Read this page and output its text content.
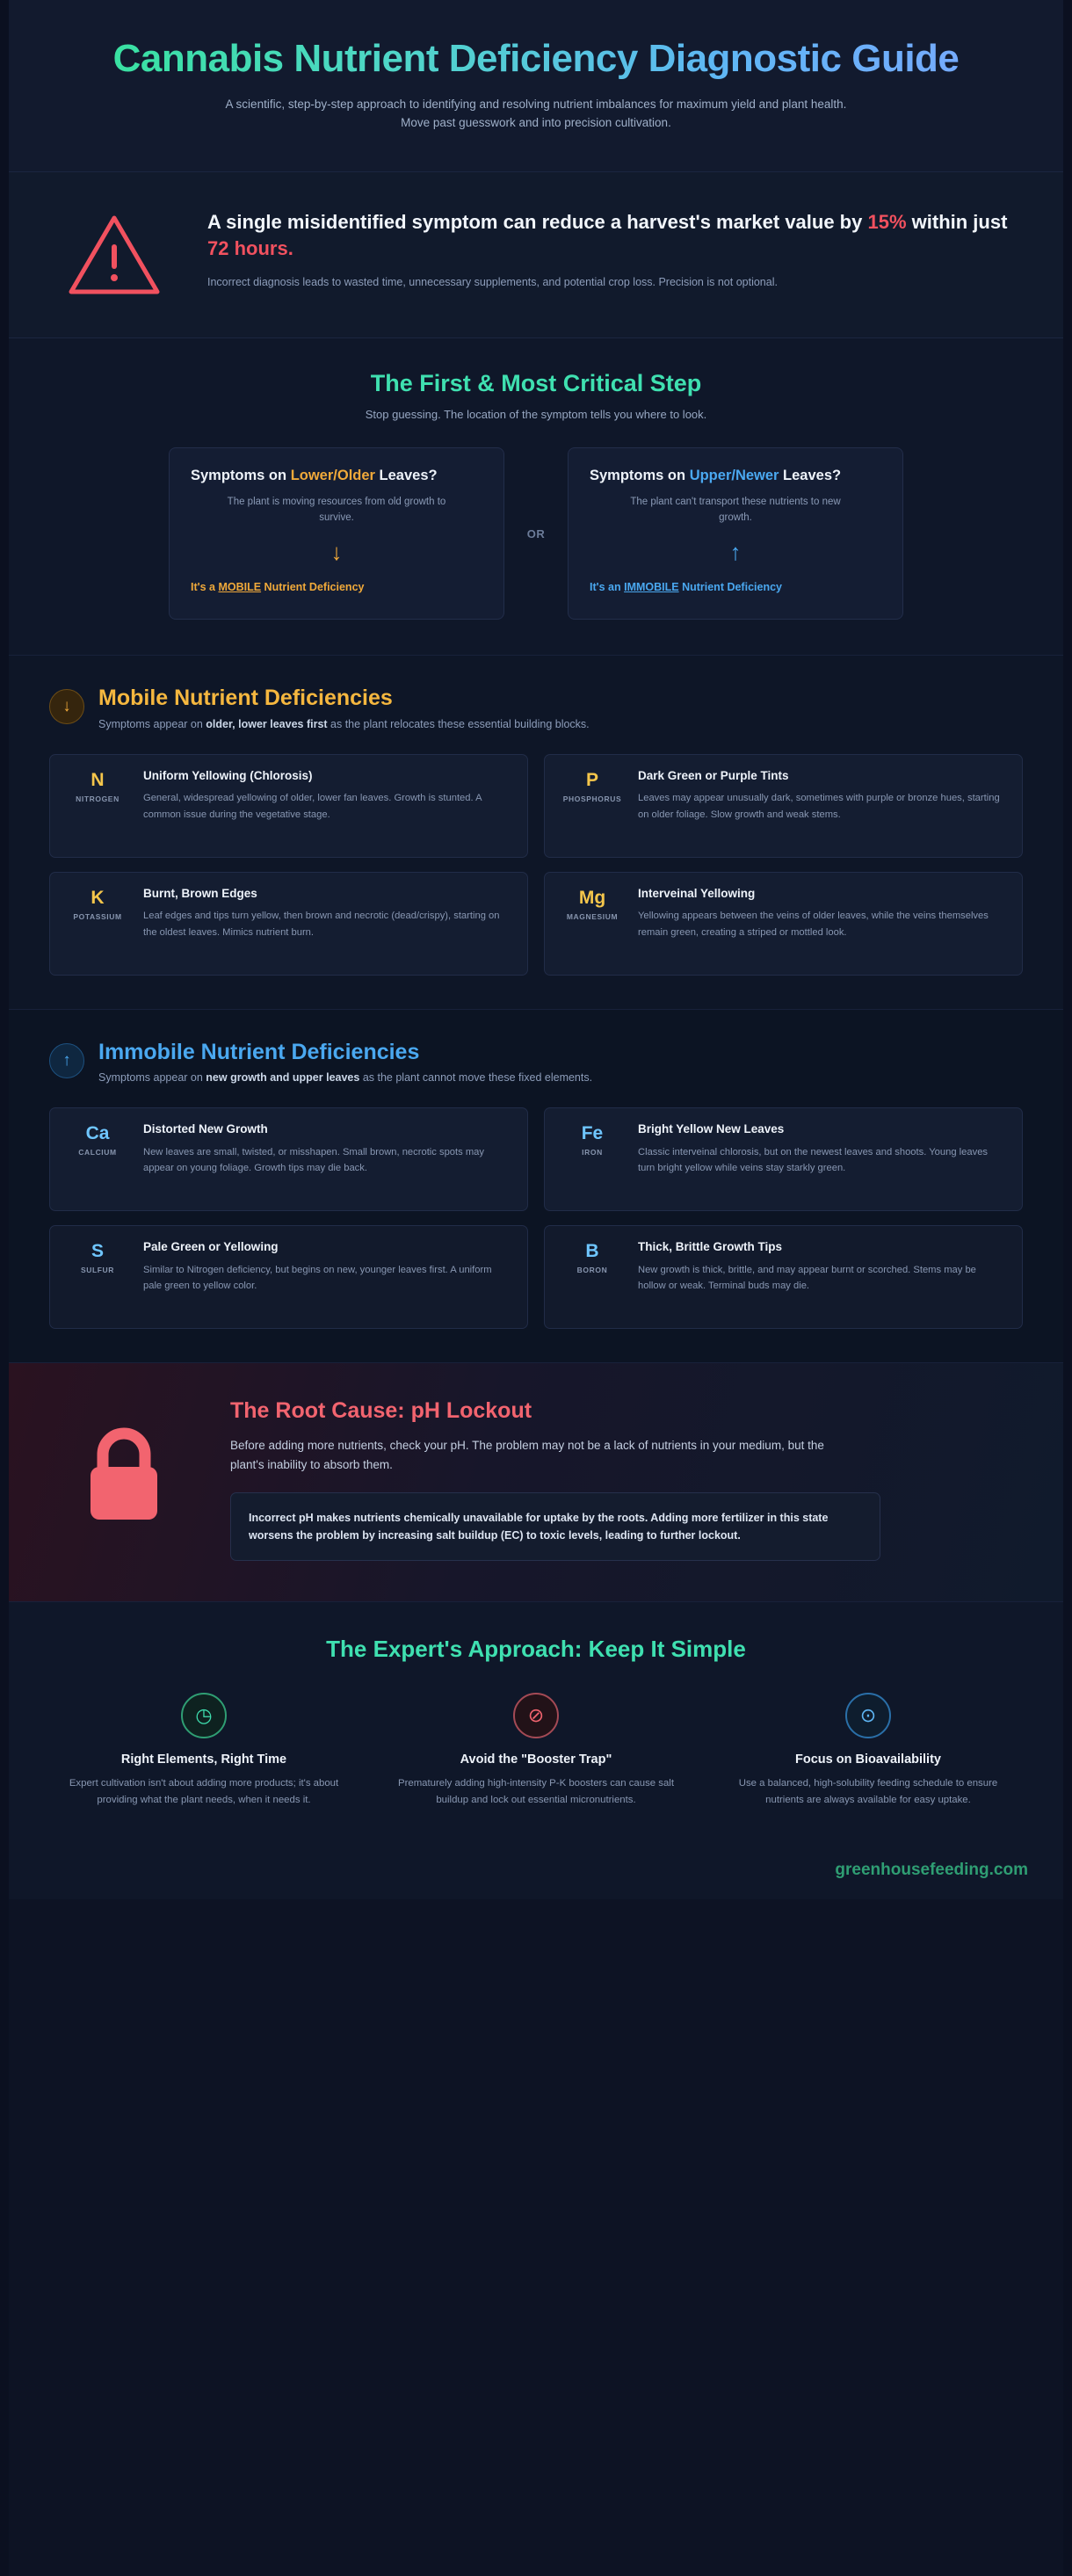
Cannabis Nutrient Deficiency Diagnostic Guide

A scientific, step-by-step approach to identifying and resolving nutrient imbalances for maximum yield and plant health. Move past guesswork and into precision cultivation.

A single misidentified symptom can reduce a harvest's market value by 15% within just 72 hours.

Incorrect diagnosis leads to wasted time, unnecessary supplements, and potential crop loss. Precision is not optional.

The First & Most Critical Step
Stop guessing. The location of the symptom tells you where to look.
Symptoms on Lower/Older Leaves?
The plant is moving resources from old growth to survive.
↓
It's a MOBILE Nutrient Deficiency
OR
Symptoms on Upper/Newer Leaves?
The plant can't transport these nutrients to new growth.
↑
It's an IMMOBILE Nutrient Deficiency
↓	Mobile Nutrient Deficiencies
Symptoms appear on older, lower leaves first as the plant relocates these essential building blocks.
N
NITROGEN
Uniform Yellowing (Chlorosis)

General, widespread yellowing of older, lower fan leaves. Growth is stunted. A common issue during the vegetative stage.

P
PHOSPHORUS
Dark Green or Purple Tints

Leaves may appear unusually dark, sometimes with purple or bronze hues, starting on older foliage. Slow growth and weak stems.

K
POTASSIUM
Burnt, Brown Edges

Leaf edges and tips turn yellow, then brown and necrotic (dead/crispy), starting on the oldest leaves. Mimics nutrient burn.

Mg
MAGNESIUM
Interveinal Yellowing

Yellowing appears between the veins of older leaves, while the veins themselves remain green, creating a striped or mottled look.

↑	Immobile Nutrient Deficiencies
Symptoms appear on new growth and upper leaves as the plant cannot move these fixed elements.
Ca
CALCIUM
Distorted New Growth

New leaves are small, twisted, or misshapen. Small brown, necrotic spots may appear on young foliage. Growth tips may die back.

Fe
IRON
Bright Yellow New Leaves

Classic interveinal chlorosis, but on the newest leaves and shoots. Young leaves turn bright yellow while veins stay starkly green.

S
SULFUR
Pale Green or Yellowing

Similar to Nitrogen deficiency, but begins on new, younger leaves first. A uniform pale green to yellow color.

B
BORON
Thick, Brittle Growth Tips

New growth is thick, brittle, and may appear burnt or scorched. Stems may be hollow or weak. Terminal buds may die.

The Root Cause: pH Lockout

Before adding more nutrients, check your pH. The problem may not be a lack of nutrients in your medium, but the plant's inability to absorb them.

Incorrect pH makes nutrients chemically unavailable for uptake by the roots. Adding more fertilizer in this state worsens the problem by increasing salt buildup (EC) to toxic levels, leading to further lockout.
The Expert's Approach: Keep It Simple
◷
Right Elements, Right Time

Expert cultivation isn't about adding more products; it's about providing what the plant needs, when it needs it.

⊘
Avoid the "Booster Trap"

Prematurely adding high-intensity P-K boosters can cause salt buildup and lock out essential micronutrients.

⊙
Focus on Bioavailability

Use a balanced, high-solubility feeding schedule to ensure nutrients are always available for easy uptake.

greenhousefeeding.com
